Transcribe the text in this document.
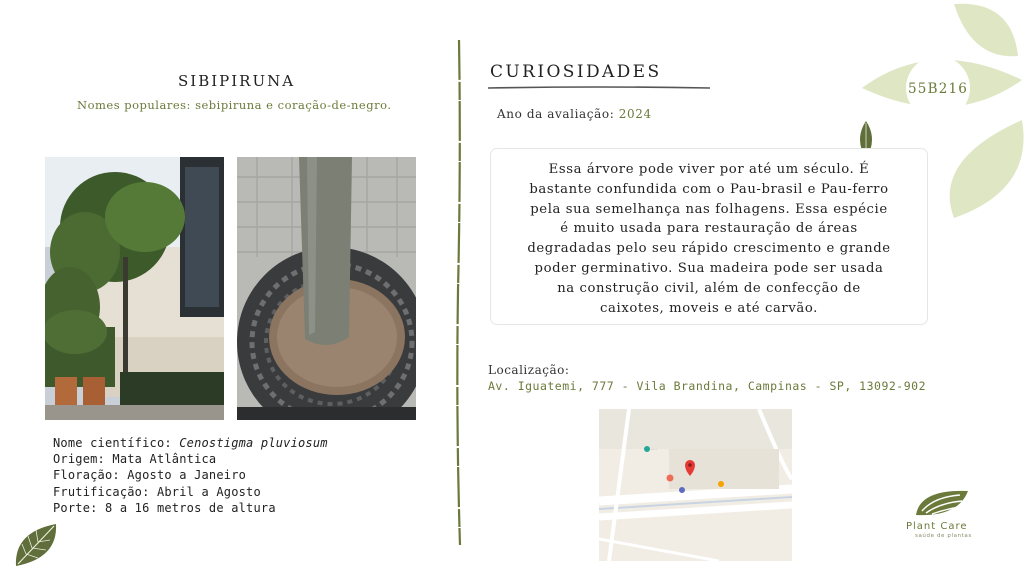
SIBIPIRUNA
Nomes populares: sebipiruna e coração-de-negro.
Nome científico: Cenostigma pluviosum
Origem: Mata Atlântica
Floração: Agosto a Janeiro
Frutificação: Abril a Agosto
Porte: 8 a 16 metros de altura
CURIOSIDADES
Ano da avaliação: 2024
Essa árvore pode viver por até um século. É
bastante confundida com o Pau-brasil e Pau-ferro
pela sua semelhança nas folhagens. Essa espécie
é muito usada para restauração de áreas
degradadas pelo seu rápido crescimento e grande
poder germinativo. Sua madeira pode ser usada
na construção civil, além de confecção de
caixotes, moveis e até carvão.
Localização:
Av. Iguatemi, 777 - Vila Brandina, Campinas - SP, 13092-902
·····
55B216
Plant Care
saúde de plantas
